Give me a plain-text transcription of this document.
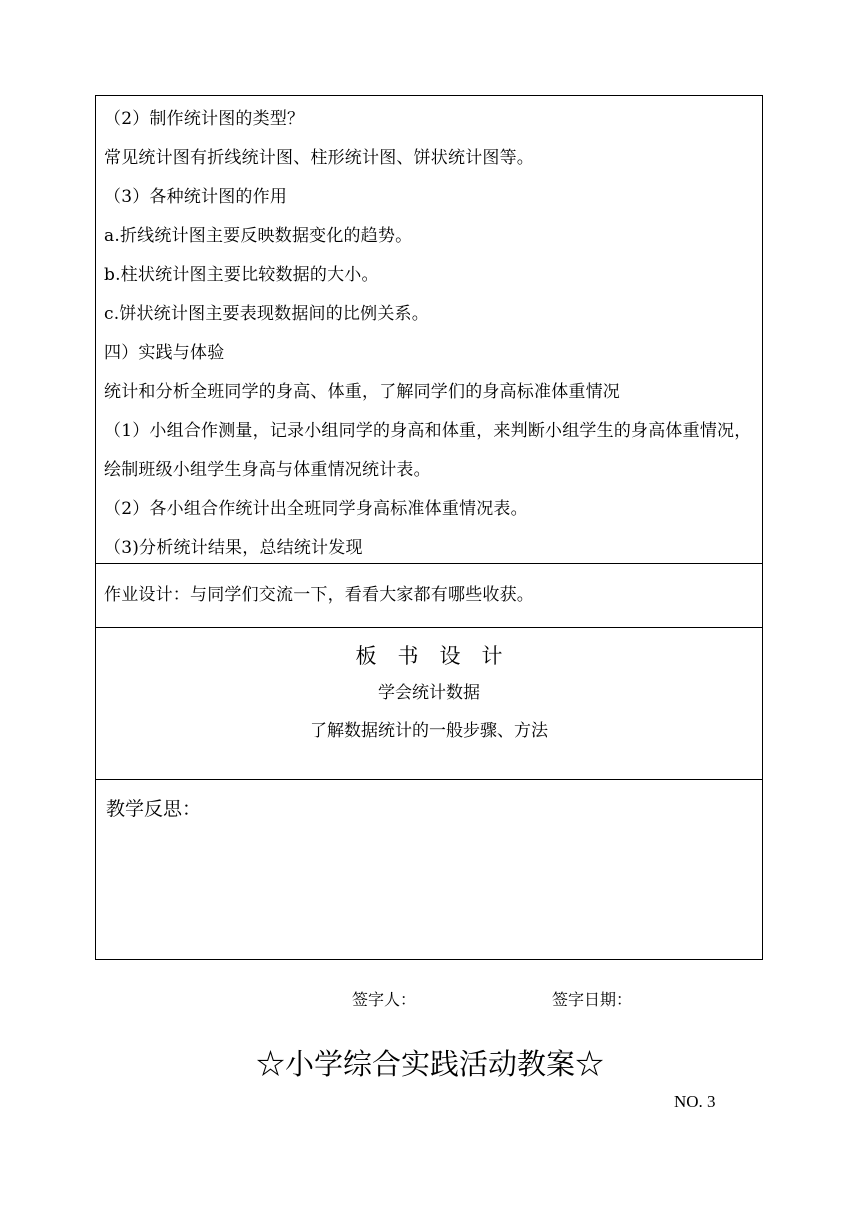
（2）制作统计图的类型？
常见统计图有折线统计图、柱形统计图、饼状统计图等。
（3）各种统计图的作用
a.折线统计图主要反映数据变化的趋势。
b.柱状统计图主要比较数据的大小。
c.饼状统计图主要表现数据间的比例关系。
四）实践与体验
统计和分析全班同学的身高、体重，了解同学们的身高标准体重情况
（1）小组合作测量，记录小组同学的身高和体重，来判断小组学生的身高体重情况，绘制班级小组学生身高与体重情况统计表。
（2）各小组合作统计出全班同学身高标准体重情况表。
（3)分析统计结果，总结统计发现
作业设计：与同学们交流一下，看看大家都有哪些收获。
板书设计
学会统计数据
了解数据统计的一般步骤、方法
教学反思：
签字人：	签字日期：
☆小学综合实践活动教案☆
NO. 3
